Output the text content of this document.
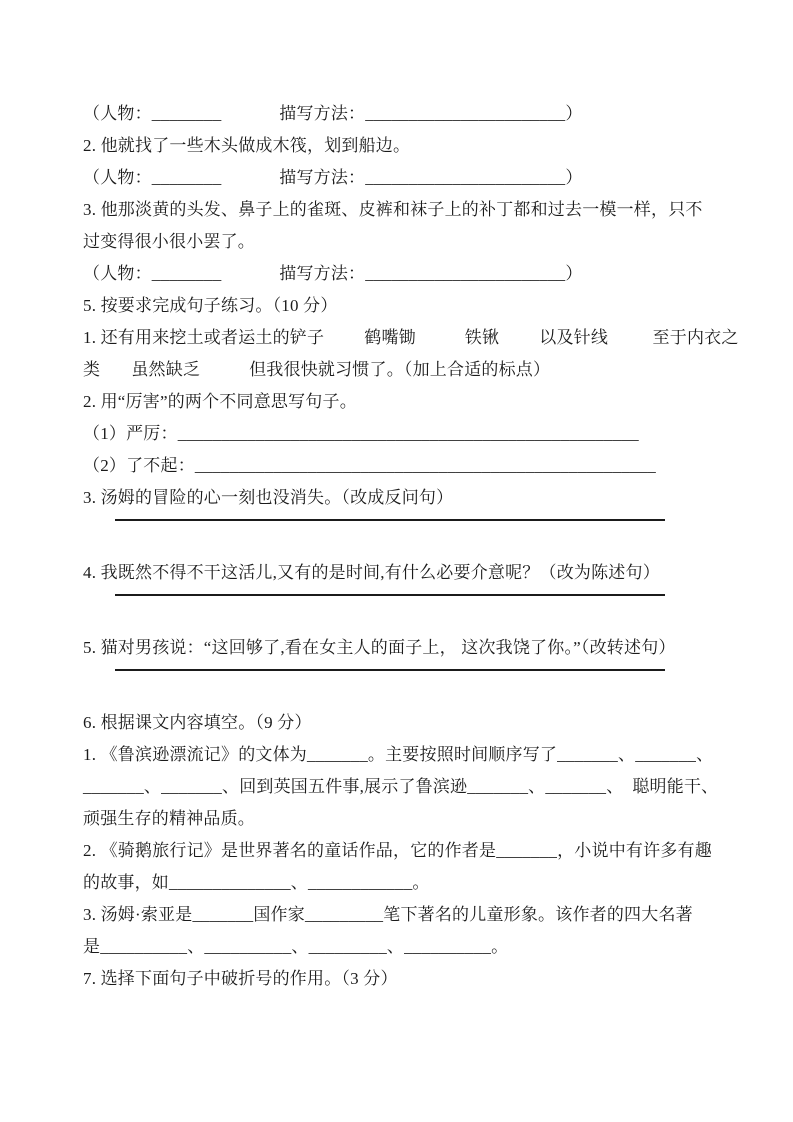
（人物：________             描写方法：_______________________）

2. 他就找了一些木头做成木筏，划到船边。

（人物：________             描写方法：_______________________）

3. 他那淡黄的头发、鼻子上的雀斑、皮裤和袜子上的补丁都和过去一模一样，只不

过变得很小很小罢了。

（人物：________             描写方法：_______________________）

5. 按要求完成句子练习。（10 分）

1. 还有用来挖土或者运土的铲子         鹤嘴锄           铁锹         以及针线          至于内衣之

类       虽然缺乏           但我很快就习惯了。（加上合适的标点）

2. 用“厉害”的两个不同意思写句子。

（1）严厉：_____________________________________________________

（2）了不起：_____________________________________________________

3. 汤姆的冒险的心一刻也没消失。（改成反问句）

4. 我既然不得不干这活儿,又有的是时间,有什么必要介意呢？（改为陈述句）

5. 猫对男孩说：“这回够了,看在女主人的面子上， 这次我饶了你。”（改转述句）

6. 根据课文内容填空。（9 分）

1. 《鲁滨逊漂流记》的文体为_______。主要按照时间顺序写了_______、_______、

_______、_______、回到英国五件事,展示了鲁滨逊_______、_______、  聪明能干、

顽强生存的精神品质。

2. 《骑鹅旅行记》是世界著名的童话作品，它的作者是_______，小说中有许多有趣

的故事，如______________、____________。

3. 汤姆·索亚是_______国作家_________笔下著名的儿童形象。该作者的四大名著

是__________、__________、_________、__________。

7. 选择下面句子中破折号的作用。（3 分）
